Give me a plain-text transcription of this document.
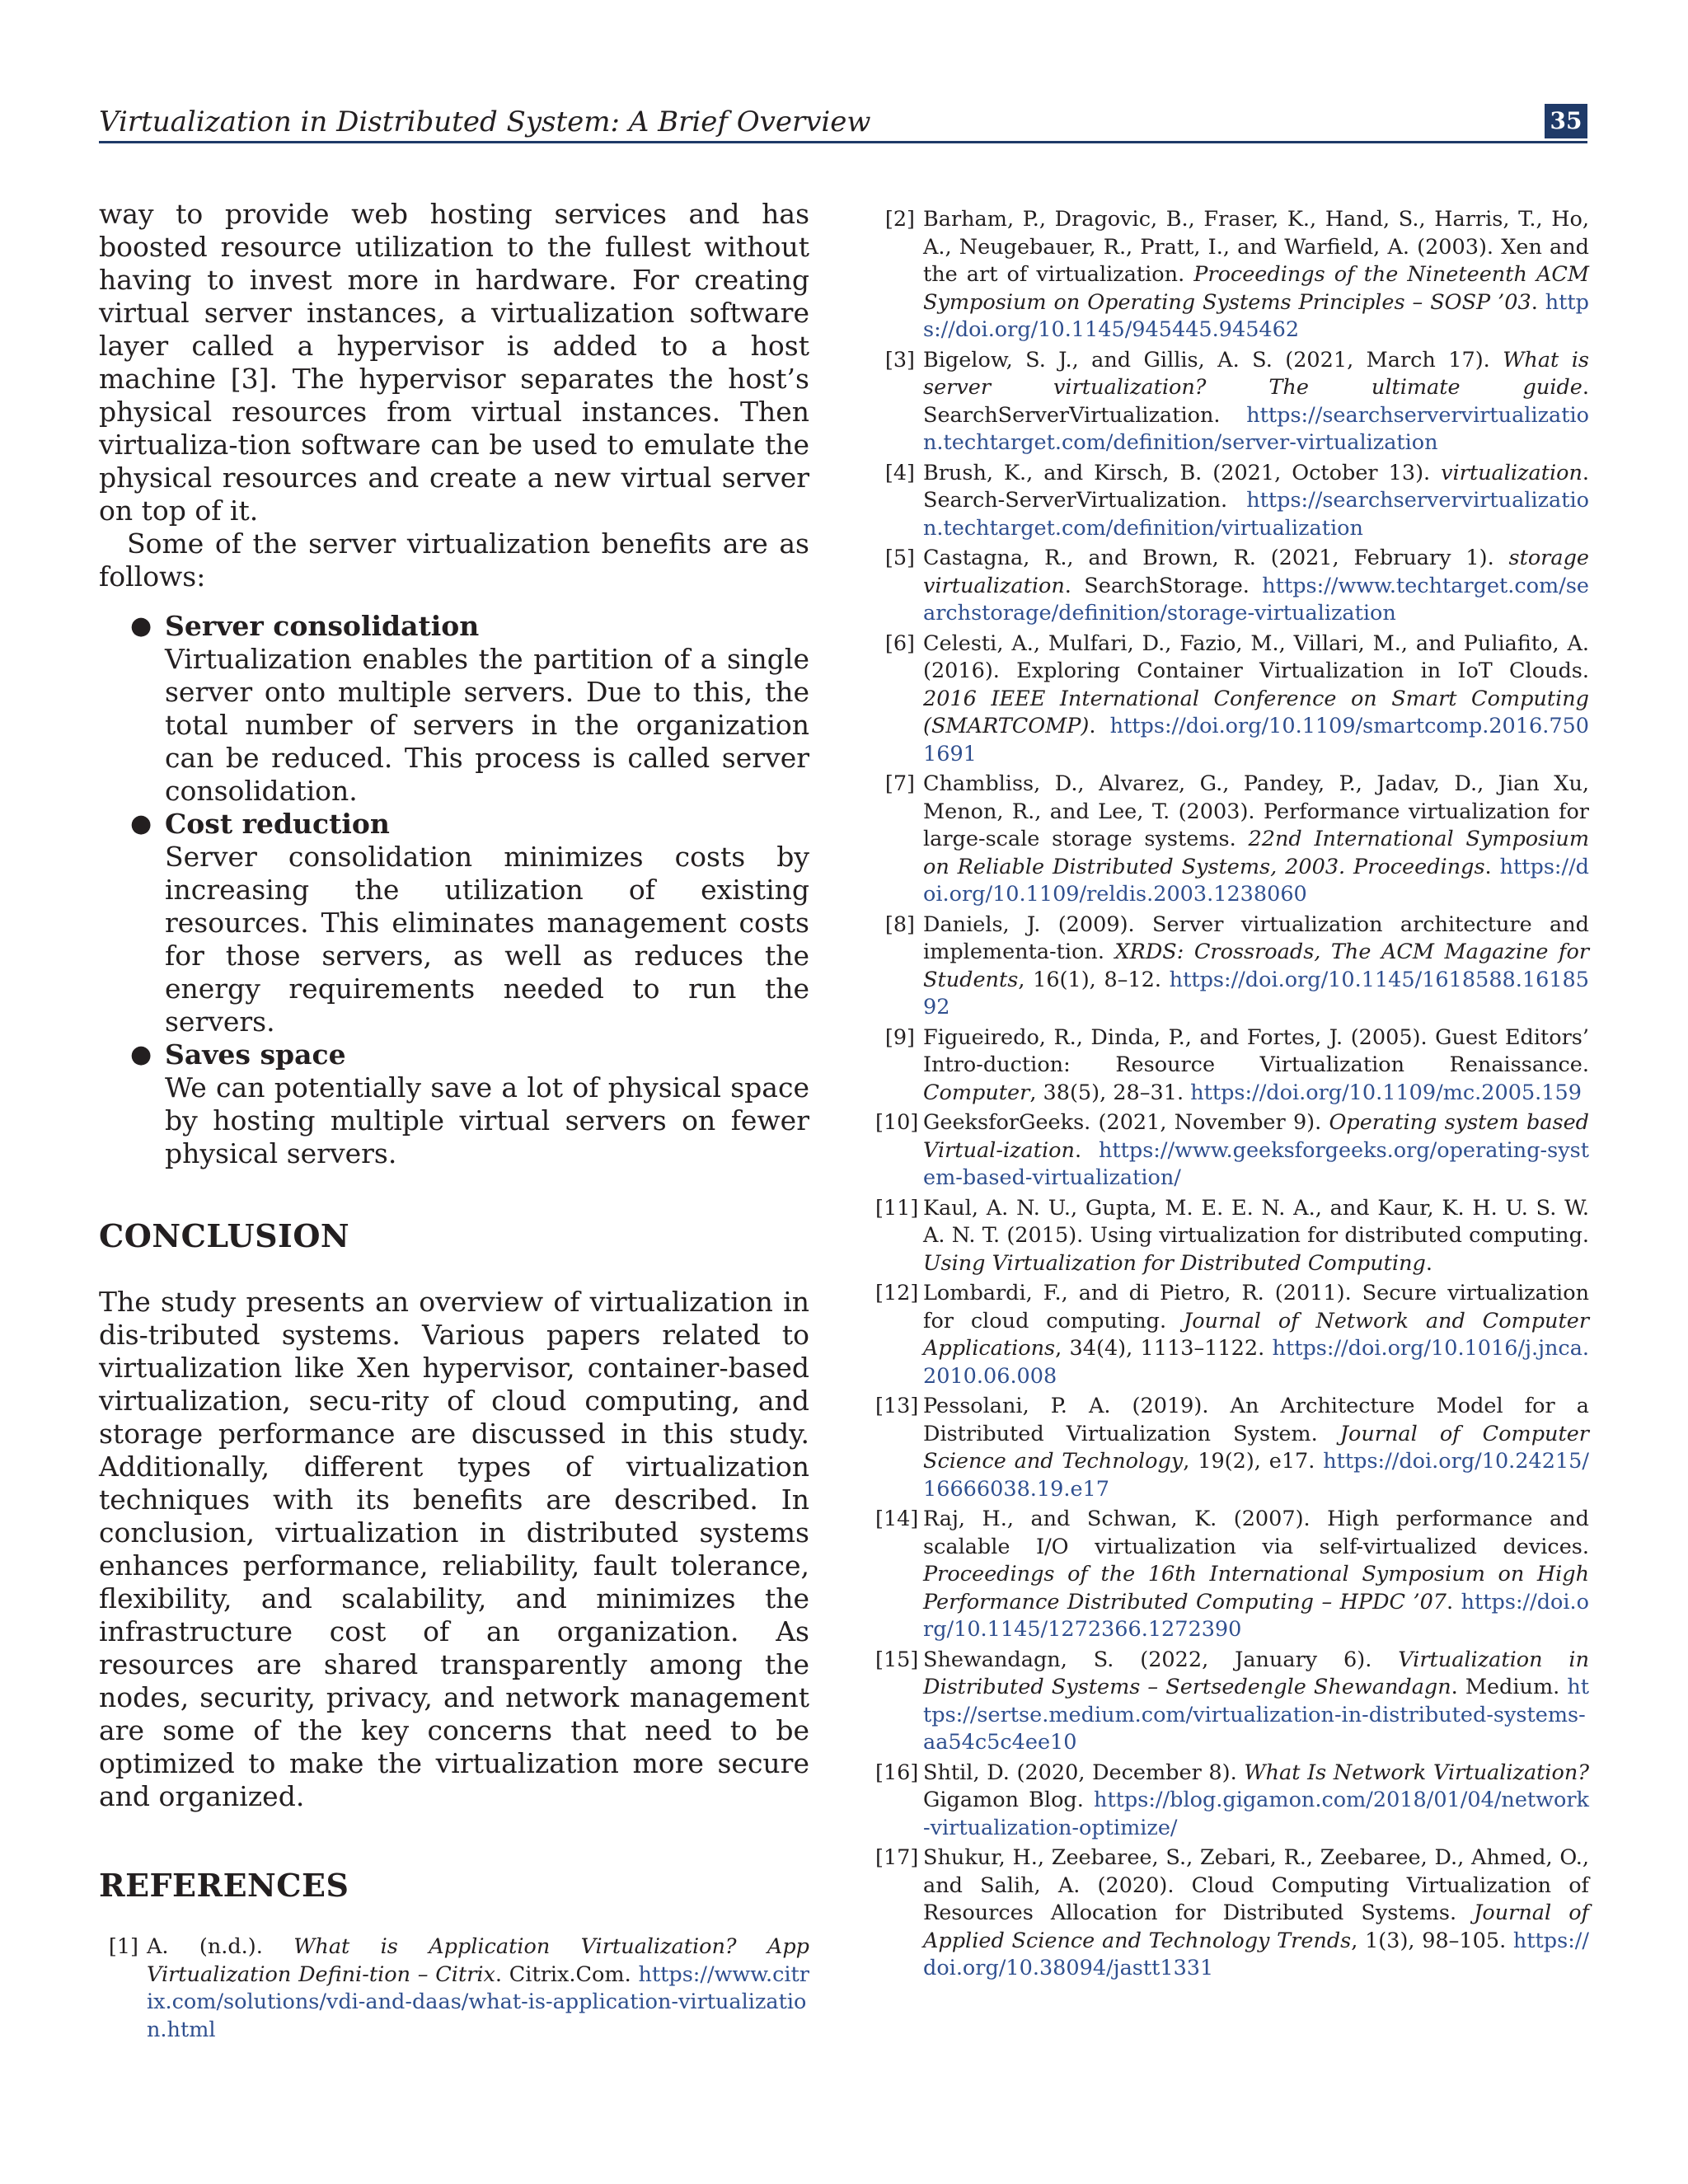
Virtualization in Distributed System: A Brief Overview	35

way to provide web hosting services and has boosted resource utilization to the fullest without having to invest more in hardware. For creating virtual server instances, a virtualization software layer called a hypervisor is added to a host machine [3]. The hypervisor separates the host’s physical resources from virtual instances. Then virtualiza-tion software can be used to emulate the physical resources and create a new virtual server on top of it.

Some of the server virtualization benefits are as follows:

● Server consolidation

Virtualization enables the partition of a single server onto multiple servers. Due to this, the total number of servers in the organization can be reduced. This process is called server consolidation.

● Cost reduction

Server consolidation minimizes costs by increasing the utilization of existing resources. This eliminates management costs for those servers, as well as reduces the energy requirements needed to run the servers.

● Saves space

We can potentially save a lot of physical space by hosting multiple virtual servers on fewer physical servers.

CONCLUSION

The study presents an overview of virtualization in dis-tributed systems. Various papers related to virtualization like Xen hypervisor, container-based virtualization, secu-rity of cloud computing, and storage performance are discussed in this study. Additionally, different types of virtualization techniques with its benefits are described. In conclusion, virtualization in distributed systems enhances performance, reliability, fault tolerance, flexibility, and scalability, and minimizes the infrastructure cost of an organization. As resources are shared transparently among the nodes, security, privacy, and network management are some of the key concerns that need to be optimized to make the virtualization more secure and organized.

REFERENCES
[1] A. (n.d.). What is Application Virtualization? App Virtualization Defini-tion – Citrix. Citrix.Com. https://www.citrix.com/solutions/vdi-and-daas/what-is-application-virtualization.html
[2] Barham, P., Dragovic, B., Fraser, K., Hand, S., Harris, T., Ho, A., Neugebauer, R., Pratt, I., and Warfield, A. (2003). Xen and the art of virtualization. Proceedings of the Nineteenth ACM Symposium on Operating Systems Principles – SOSP ’03. https://doi.org/10.1145/945445.945462
[3] Bigelow, S. J., and Gillis, A. S. (2021, March 17). What is server virtualization? The ultimate guide. SearchServerVirtualization. https://searchservervirtualization.techtarget.com/definition/server-virtualization
[4] Brush, K., and Kirsch, B. (2021, October 13). virtualization. Search-ServerVirtualization. https://searchservervirtualization.techtarget.com/definition/virtualization
[5] Castagna, R., and Brown, R. (2021, February 1). storage virtualization. SearchStorage. https://www.techtarget.com/searchstorage/definition/storage-virtualization
[6] Celesti, A., Mulfari, D., Fazio, M., Villari, M., and Puliafito, A. (2016). Exploring Container Virtualization in IoT Clouds. 2016 IEEE International Conference on Smart Computing (SMARTCOMP). https://doi.org/10.1109/smartcomp.2016.7501691
[7] Chambliss, D., Alvarez, G., Pandey, P., Jadav, D., Jian Xu, Menon, R., and Lee, T. (2003). Performance virtualization for large-scale storage systems. 22nd International Symposium on Reliable Distributed Systems, 2003. Proceedings. https://doi.org/10.1109/reldis.2003.1238060
[8] Daniels, J. (2009). Server virtualization architecture and implementa-tion. XRDS: Crossroads, The ACM Magazine for Students, 16(1), 8–12. https://doi.org/10.1145/1618588.1618592
[9] Figueiredo, R., Dinda, P., and Fortes, J. (2005). Guest Editors’ Intro-duction: Resource Virtualization Renaissance. Computer, 38(5), 28–31. https://doi.org/10.1109/mc.2005.159
[10] GeeksforGeeks. (2021, November 9). Operating system based Virtual-ization. https://www.geeksforgeeks.org/operating-system-based-virtualization/
[11] Kaul, A. N. U., Gupta, M. E. E. N. A., and Kaur, K. H. U. S. W. A. N. T. (2015). Using virtualization for distributed computing. Using Virtualization for Distributed Computing.
[12] Lombardi, F., and di Pietro, R. (2011). Secure virtualization for cloud computing. Journal of Network and Computer Applications, 34(4), 1113–1122. https://doi.org/10.1016/j.jnca.2010.06.008
[13] Pessolani, P. A. (2019). An Architecture Model for a Distributed Virtualization System. Journal of Computer Science and Technology, 19(2), e17. https://doi.org/10.24215/16666038.19.e17
[14] Raj, H., and Schwan, K. (2007). High performance and scalable I/O virtualization via self-virtualized devices. Proceedings of the 16th International Symposium on High Performance Distributed Computing – HPDC ’07. https://doi.org/10.1145/1272366.1272390
[15] Shewandagn, S. (2022, January 6). Virtualization in Distributed Systems – Sertsedengle Shewandagn. Medium. https://sertse.medium.com/virtualization-in-distributed-systems-aa54c5c4ee10
[16] Shtil, D. (2020, December 8). What Is Network Virtualization? Gigamon Blog. https://blog.gigamon.com/2018/01/04/network-virtualization-optimize/
[17] Shukur, H., Zeebaree, S., Zebari, R., Zeebaree, D., Ahmed, O., and Salih, A. (2020). Cloud Computing Virtualization of Resources Allocation for Distributed Systems. Journal of Applied Science and Technology Trends, 1(3), 98–105. https://doi.org/10.38094/jastt1331
